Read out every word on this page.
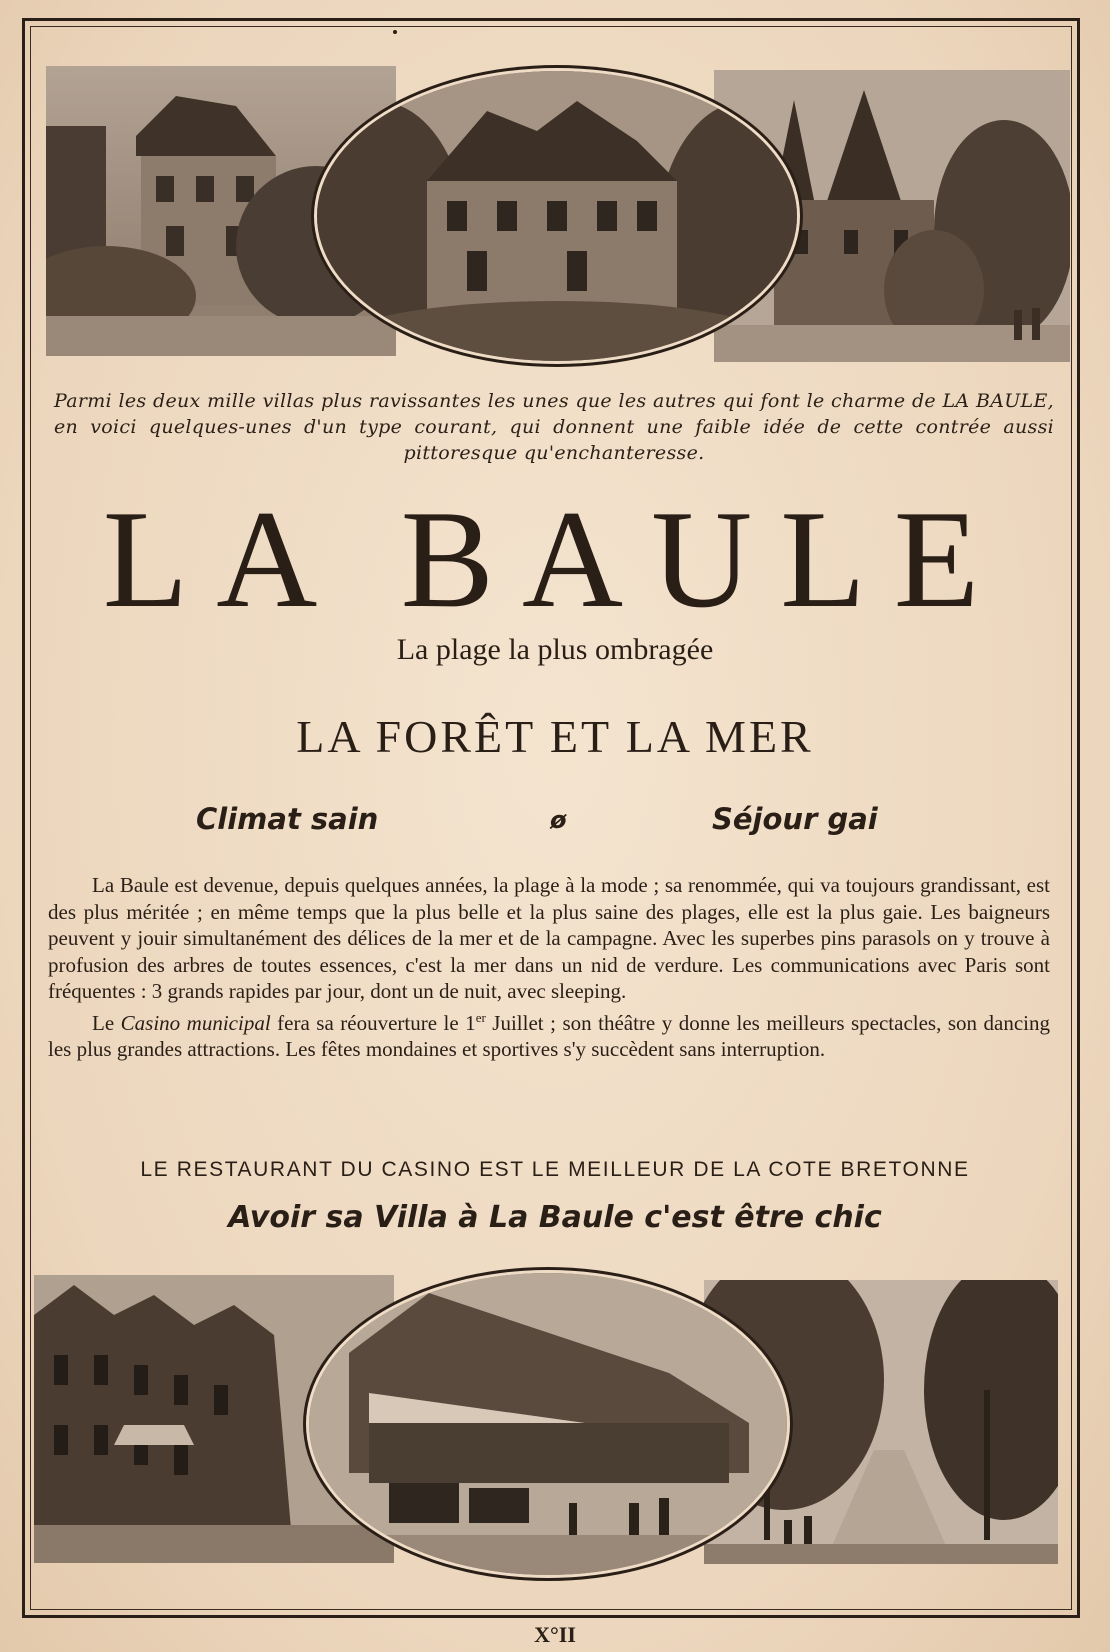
Parmi les deux mille villas plus ravissantes les unes que les autres qui font le charme de LA BAULE, en voici quelques-unes d'un type courant, qui donnent une faible idée de cette contrée aussi pittoresque qu'enchanteresse.
LA BAULE
La plage la plus ombragée
LA FORÊT ET LA MER
Climat sain	ø	Séjour gai

La Baule est devenue, depuis quelques années, la plage à la mode ; sa renommée, qui va toujours grandissant, est des plus méritée ; en même temps que la plus belle et la plus saine des plages, elle est la plus gaie. Les baigneurs peuvent y jouir simultanément des délices de la mer et de la campagne. Avec les superbes pins parasols on y trouve à profusion des arbres de toutes essences, c'est la mer dans un nid de verdure. Les communications avec Paris sont fréquentes : 3 grands rapides par jour, dont un de nuit, avec sleeping.

Le Casino municipal fera sa réouverture le 1er Juillet ; son théâtre y donne les meilleurs spectacles, son dancing les plus grandes attractions. Les fêtes mondaines et sportives s'y succèdent sans interruption.

LE RESTAURANT DU CASINO EST LE MEILLEUR DE LA COTE BRETONNE
Avoir sa Villa à La Baule c'est être chic
X°II
